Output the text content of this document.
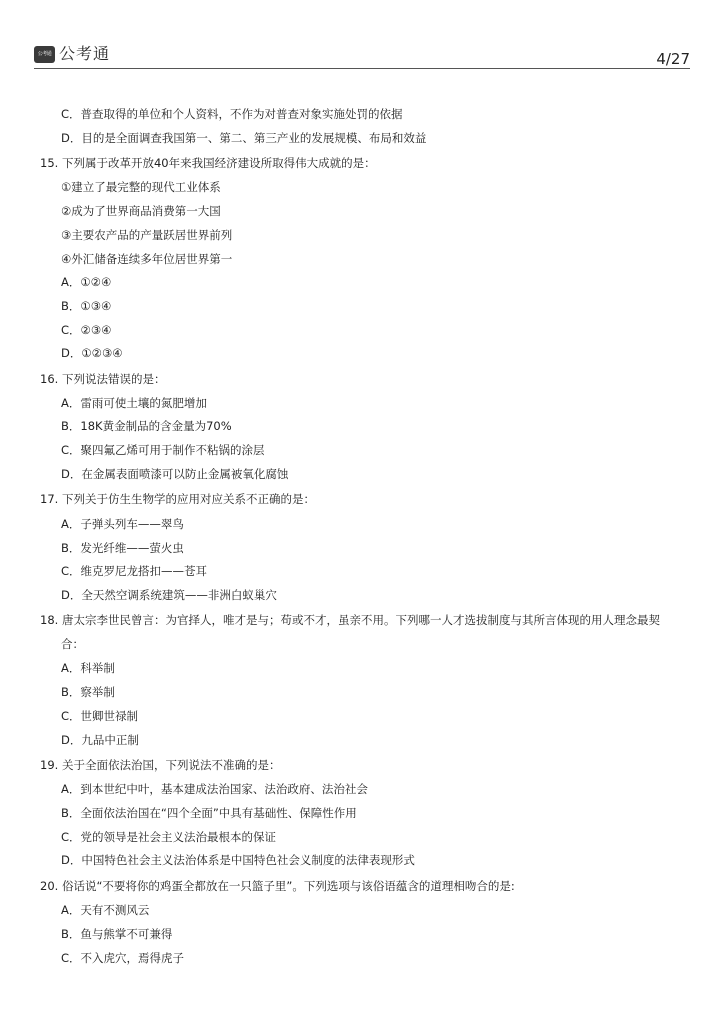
公考通 公考通	4/27
C．普查取得的单位和个人资料，不作为对普查对象实施处罚的依据
D．目的是全面调查我国第一、第二、第三产业的发展规模、布局和效益
15. 下列属于改革开放40年来我国经济建设所取得伟大成就的是：
①建立了最完整的现代工业体系
②成为了世界商品消费第一大国
③主要农产品的产量跃居世界前列
④外汇储备连续多年位居世界第一
A．①②④
B．①③④
C．②③④
D．①②③④
16. 下列说法错误的是：
A．雷雨可使土壤的氮肥增加
B．18K黄金制品的含金量为70%
C．聚四氟乙烯可用于制作不粘锅的涂层
D．在金属表面喷漆可以防止金属被氧化腐蚀
17. 下列关于仿生生物学的应用对应关系不正确的是：
A．子弹头列车——翠鸟
B．发光纤维——萤火虫
C．维克罗尼龙搭扣——苍耳
D．全天然空调系统建筑——非洲白蚁巢穴
18. 唐太宗李世民曾言：为官择人，唯才是与；苟或不才，虽亲不用。下列哪一人才选拔制度与其所言体现的用人理念最契
合：
A．科举制
B．察举制
C．世卿世禄制
D．九品中正制
19. 关于全面依法治国，下列说法不准确的是：
A．到本世纪中叶，基本建成法治国家、法治政府、法治社会
B．全面依法治国在“四个全面”中具有基础性、保障性作用
C．党的领导是社会主义法治最根本的保证
D．中国特色社会主义法治体系是中国特色社会义制度的法律表现形式
20. 俗话说“不要将你的鸡蛋全都放在一只篮子里”。下列选项与该俗语蕴含的道理相吻合的是:
A．天有不测风云
B．鱼与熊掌不可兼得
C．不入虎穴，焉得虎子
